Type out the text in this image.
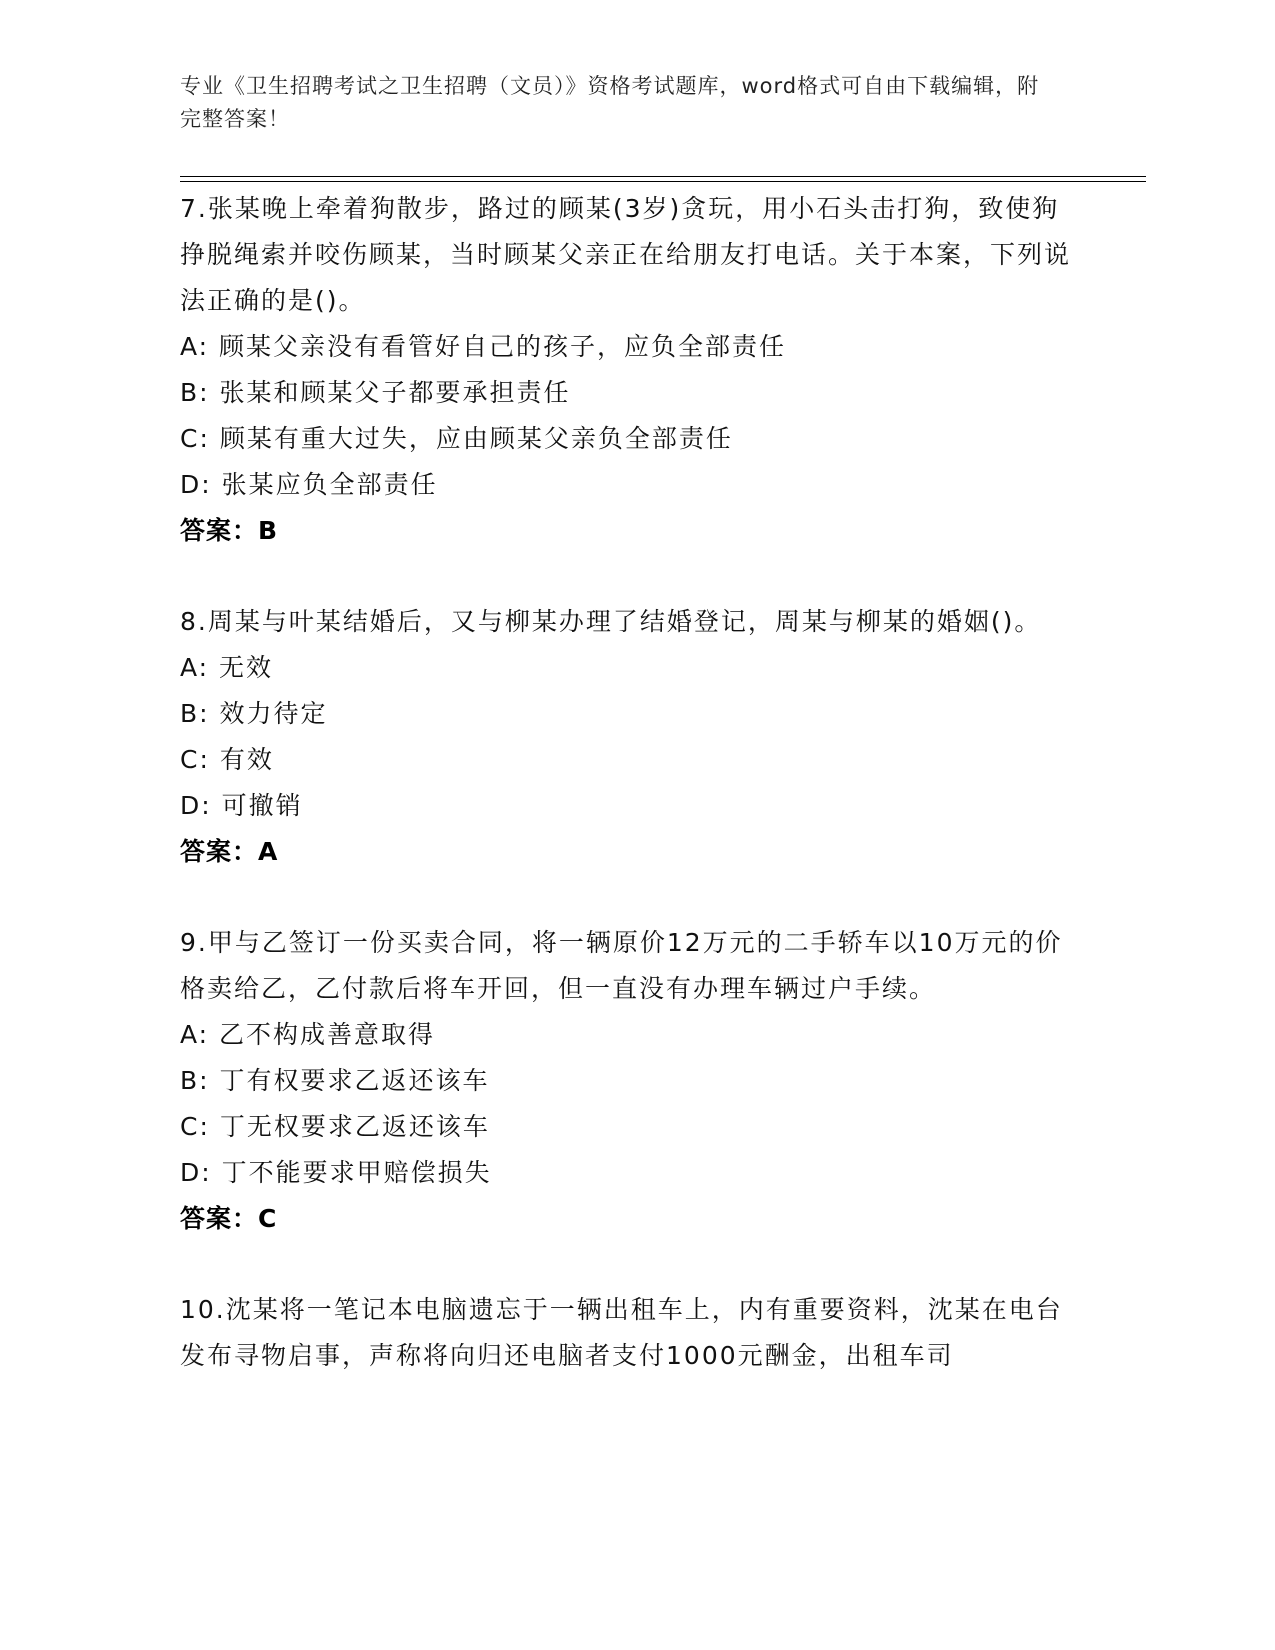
专业《卫生招聘考试之卫生招聘（文员）》资格考试题库，word格式可自由下载编辑，附完整答案！
7.张某晚上牵着狗散步，路过的顾某(3岁)贪玩，用小石头击打狗，致使狗挣脱绳索并咬伤顾某，当时顾某父亲正在给朋友打电话。关于本案，下列说法正确的是()。
A: 顾某父亲没有看管好自己的孩子，应负全部责任
B: 张某和顾某父子都要承担责任
C: 顾某有重大过失，应由顾某父亲负全部责任
D: 张某应负全部责任
答案：B
8.周某与叶某结婚后，又与柳某办理了结婚登记，周某与柳某的婚姻()。
A: 无效
B: 效力待定
C: 有效
D: 可撤销
答案：A
9.甲与乙签订一份买卖合同，将一辆原价12万元的二手轿车以10万元的价格卖给乙，乙付款后将车开回，但一直没有办理车辆过户手续。
A: 乙不构成善意取得
B: 丁有权要求乙返还该车
C: 丁无权要求乙返还该车
D: 丁不能要求甲赔偿损失
答案：C
10.沈某将一笔记本电脑遗忘于一辆出租车上，内有重要资料，沈某在电台发布寻物启事，声称将向归还电脑者支付1000元酬金，出租车司
